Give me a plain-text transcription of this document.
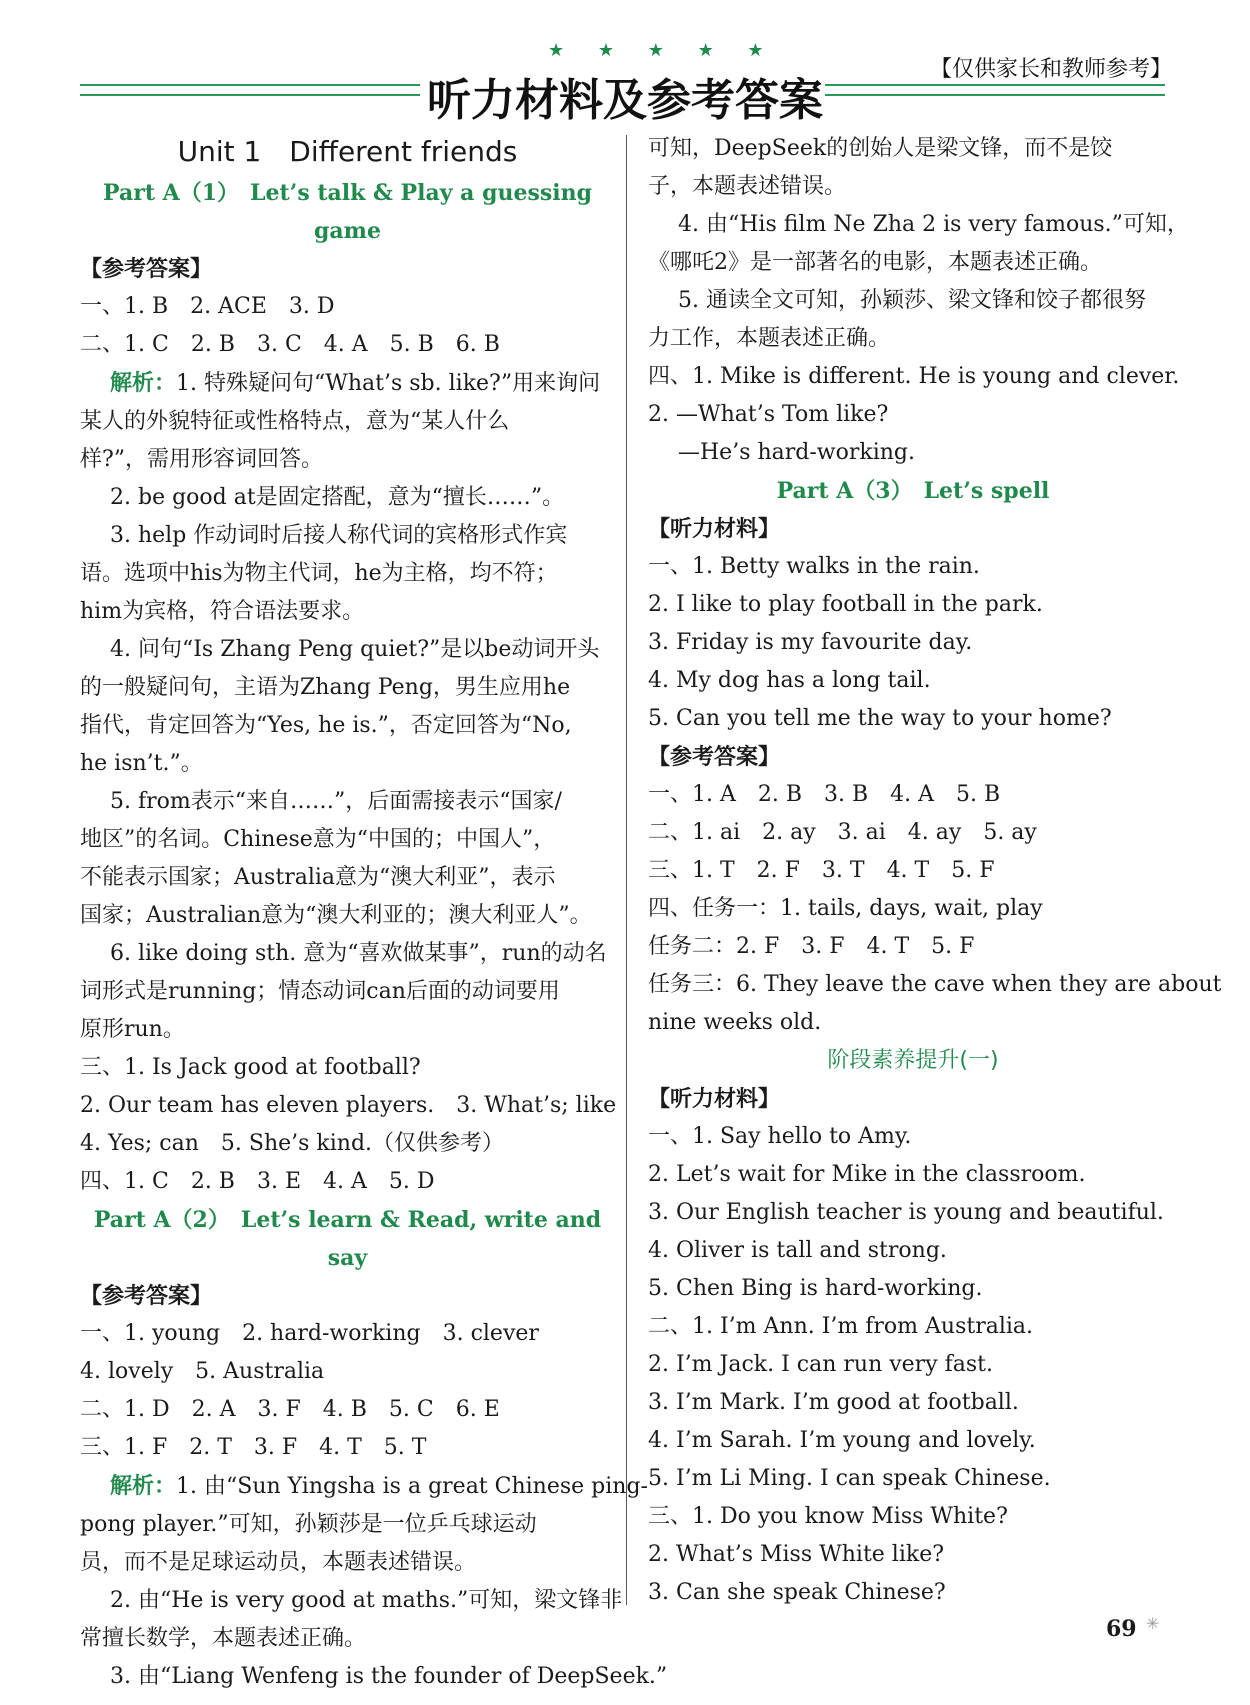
★ ★ ★ ★ ★
听力材料及参考答案
【仅供家长和教师参考】
Unit 1　Different friends
Part A（1）　Let’s talk & Play a guessing game
【参考答案】
一、1. B　2. ACE　3. D
二、1. C　2. B　3. C　4. A　5. B　6. B
解析：1. 特殊疑问句“What’s sb. like?”用来询问
某人的外貌特征或性格特点，意为“某人什么
样?”，需用形容词回答。
2. be good at是固定搭配，意为“擅长……”。
3. help 作动词时后接人称代词的宾格形式作宾
语。选项中his为物主代词，he为主格，均不符；
him为宾格，符合语法要求。
4. 问句“Is Zhang Peng quiet?”是以be动词开头
的一般疑问句，主语为Zhang Peng，男生应用he
指代，肯定回答为“Yes, he is.”，否定回答为“No,
he isn’t.”。
5. from表示“来自……”，后面需接表示“国家/
地区”的名词。Chinese意为“中国的；中国人”，
不能表示国家；Australia意为“澳大利亚”，表示
国家；Australian意为“澳大利亚的；澳大利亚人”。
6. like doing sth. 意为“喜欢做某事”，run的动名
词形式是running；情态动词can后面的动词要用
原形run。
三、1. Is Jack good at football?
2. Our team has eleven players.　3. What’s; like
4. Yes; can　5. She’s kind.（仅供参考）
四、1. C　2. B　3. E　4. A　5. D
Part A（2）　Let’s learn & Read, write and say
【参考答案】
一、1. young　2. hard-working　3. clever
4. lovely　5. Australia
二、1. D　2. A　3. F　4. B　5. C　6. E
三、1. F　2. T　3. F　4. T　5. T
解析：1. 由“Sun Yingsha is a great Chinese ping-
pong player.”可知，孙颖莎是一位乒乓球运动
员，而不是足球运动员，本题表述错误。
2. 由“He is very good at maths.”可知，梁文锋非
常擅长数学，本题表述正确。
3. 由“Liang Wenfeng is the founder of DeepSeek.”
可知，DeepSeek的创始人是梁文锋，而不是饺
子，本题表述错误。
4. 由“His film Ne Zha 2 is very famous.”可知，
《哪吒2》是一部著名的电影，本题表述正确。
5. 通读全文可知，孙颖莎、梁文锋和饺子都很努
力工作，本题表述正确。
四、1. Mike is different. He is young and clever.
2. —What’s Tom like?
—He’s hard-working.
Part A（3）　Let’s spell
【听力材料】
一、1. Betty walks in the rain.
2. I like to play football in the park.
3. Friday is my favourite day.
4. My dog has a long tail.
5. Can you tell me the way to your home?
【参考答案】
一、1. A　2. B　3. B　4. A　5. B
二、1. ai　2. ay　3. ai　4. ay　5. ay
三、1. T　2. F　3. T　4. T　5. F
四、任务一：1. tails, days, wait, play
任务二：2. F　3. F　4. T　5. F
任务三：6. They leave the cave when they are about
nine weeks old.
阶段素养提升(一)
【听力材料】
一、1. Say hello to Amy.
2. Let’s wait for Mike in the classroom.
3. Our English teacher is young and beautiful.
4. Oliver is tall and strong.
5. Chen Bing is hard-working.
二、1. I’m Ann. I’m from Australia.
2. I’m Jack. I can run very fast.
3. I’m Mark. I’m good at football.
4. I’m Sarah. I’m young and lovely.
5. I’m Li Ming. I can speak Chinese.
三、1. Do you know Miss White?
2. What’s Miss White like?
3. Can she speak Chinese?
69 ✳
